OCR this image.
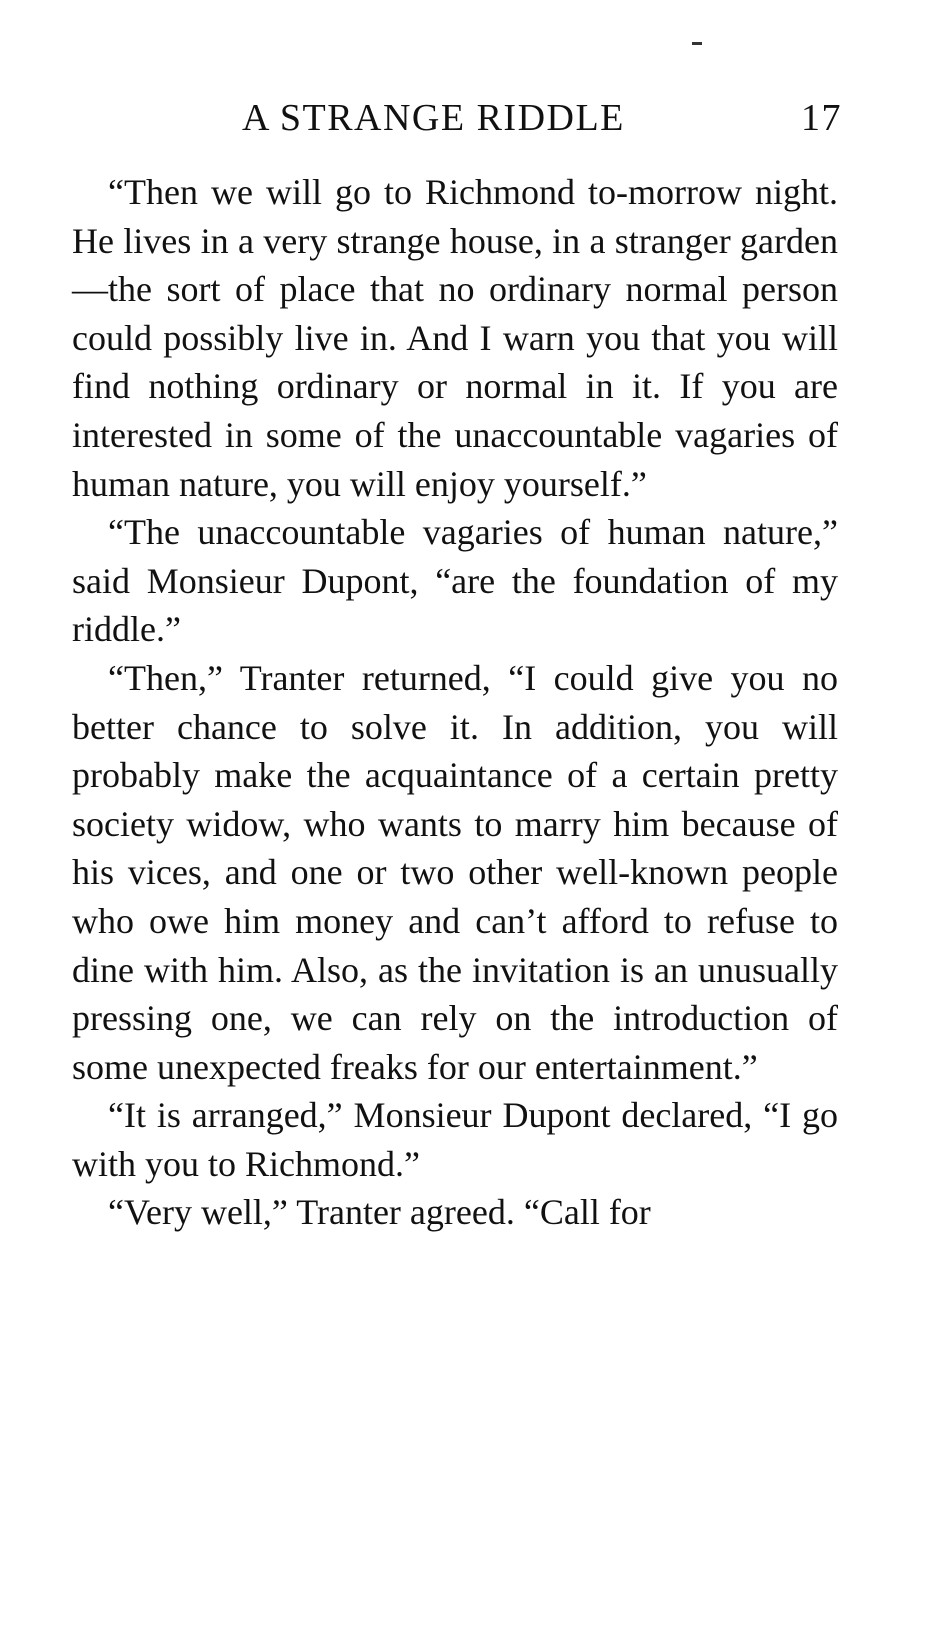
A STRANGE RIDDLE	17

“Then we will go to Richmond to-morrow night. He lives in a very strange house, in a stranger garden—the sort of place that no ordinary normal person could possibly live in. And I warn you that you will find nothing ordinary or normal in it. If you are interested in some of the unaccountable vagaries of human nature, you will enjoy yourself.”

“The unaccountable vagaries of human nature,” said Monsieur Dupont, “are the foundation of my riddle.”

“Then,” Tranter returned, “I could give you no better chance to solve it. In addition, you will probably make the acquaintance of a certain pretty society widow, who wants to marry him because of his vices, and one or two other well-known people who owe him money and can’t afford to refuse to dine with him. Also, as the invitation is an unusually pressing one, we can rely on the introduction of some unexpected freaks for our entertainment.”

“It is arranged,” Monsieur Dupont declared, “I go with you to Richmond.”

“Very well,” Tranter agreed. “Call for
